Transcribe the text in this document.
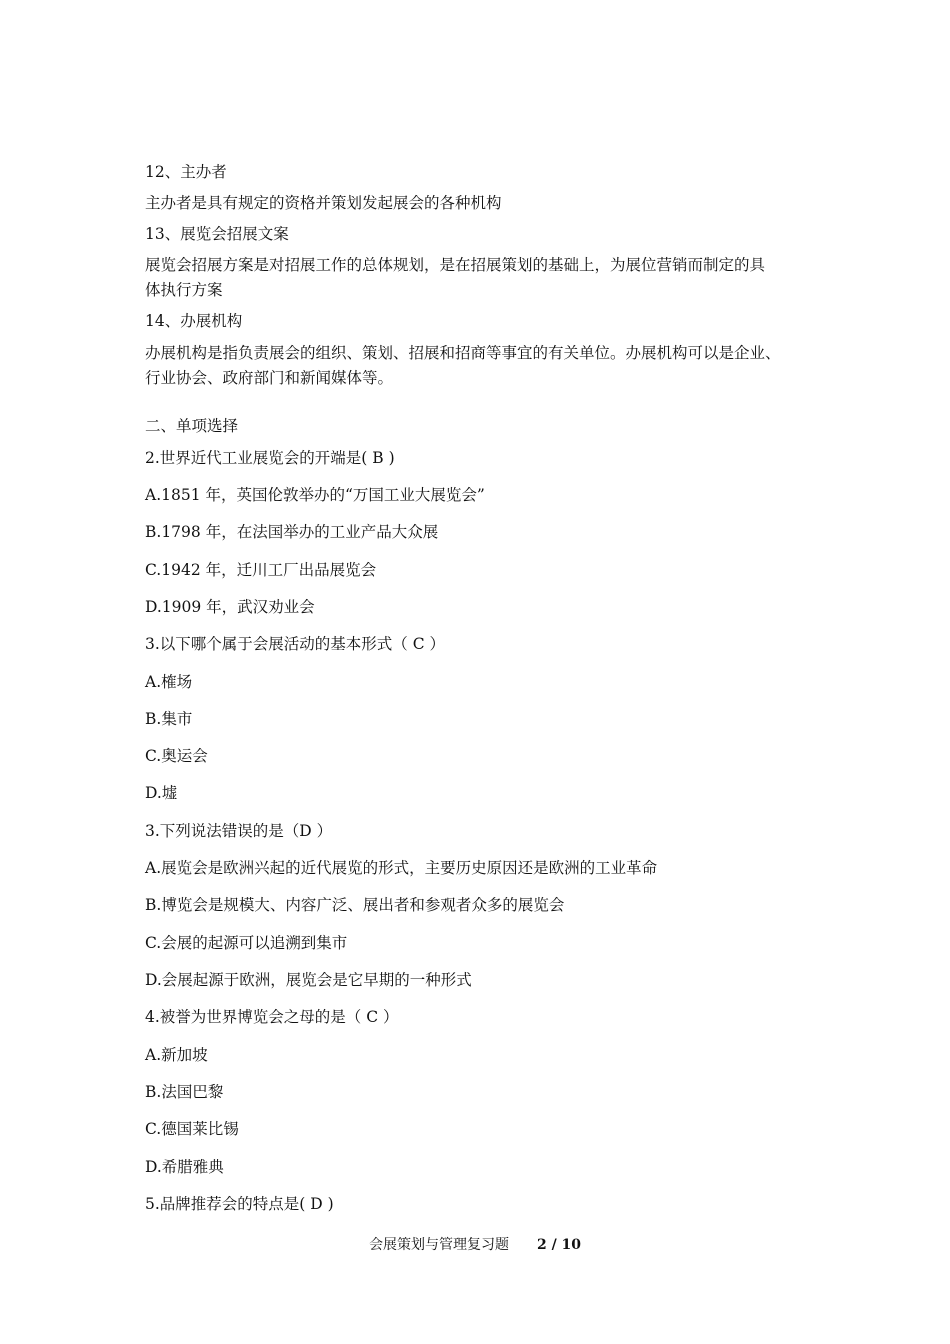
12、主办者
主办者是具有规定的资格并策划发起展会的各种机构
13、展览会招展文案
展览会招展方案是对招展工作的总体规划，是在招展策划的基础上，为展位营销而制定的具
体执行方案
14、办展机构
办展机构是指负责展会的组织、策划、招展和招商等事宜的有关单位。办展机构可以是企业、
行业协会、政府部门和新闻媒体等。
二、单项选择
2.世界近代工业展览会的开端是( B )
A.1851 年，英国伦敦举办的“万国工业大展览会”
B.1798 年，在法国举办的工业产品大众展
C.1942 年，迁川工厂出品展览会
D.1909 年，武汉劝业会
3.以下哪个属于会展活动的基本形式（ C ）
A.榷场
B.集市
C.奥运会
D.墟
3.下列说法错误的是（D ）
A.展览会是欧洲兴起的近代展览的形式，主要历史原因还是欧洲的工业革命
B.博览会是规模大、内容广泛、展出者和参观者众多的展览会
C.会展的起源可以追溯到集市
D.会展起源于欧洲，展览会是它早期的一种形式
4.被誉为世界博览会之母的是（ C ）
A.新加坡
B.法国巴黎
C.德国莱比锡
D.希腊雅典
5.品牌推荐会的特点是( D )
会展策划与管理复习题 2 / 10
